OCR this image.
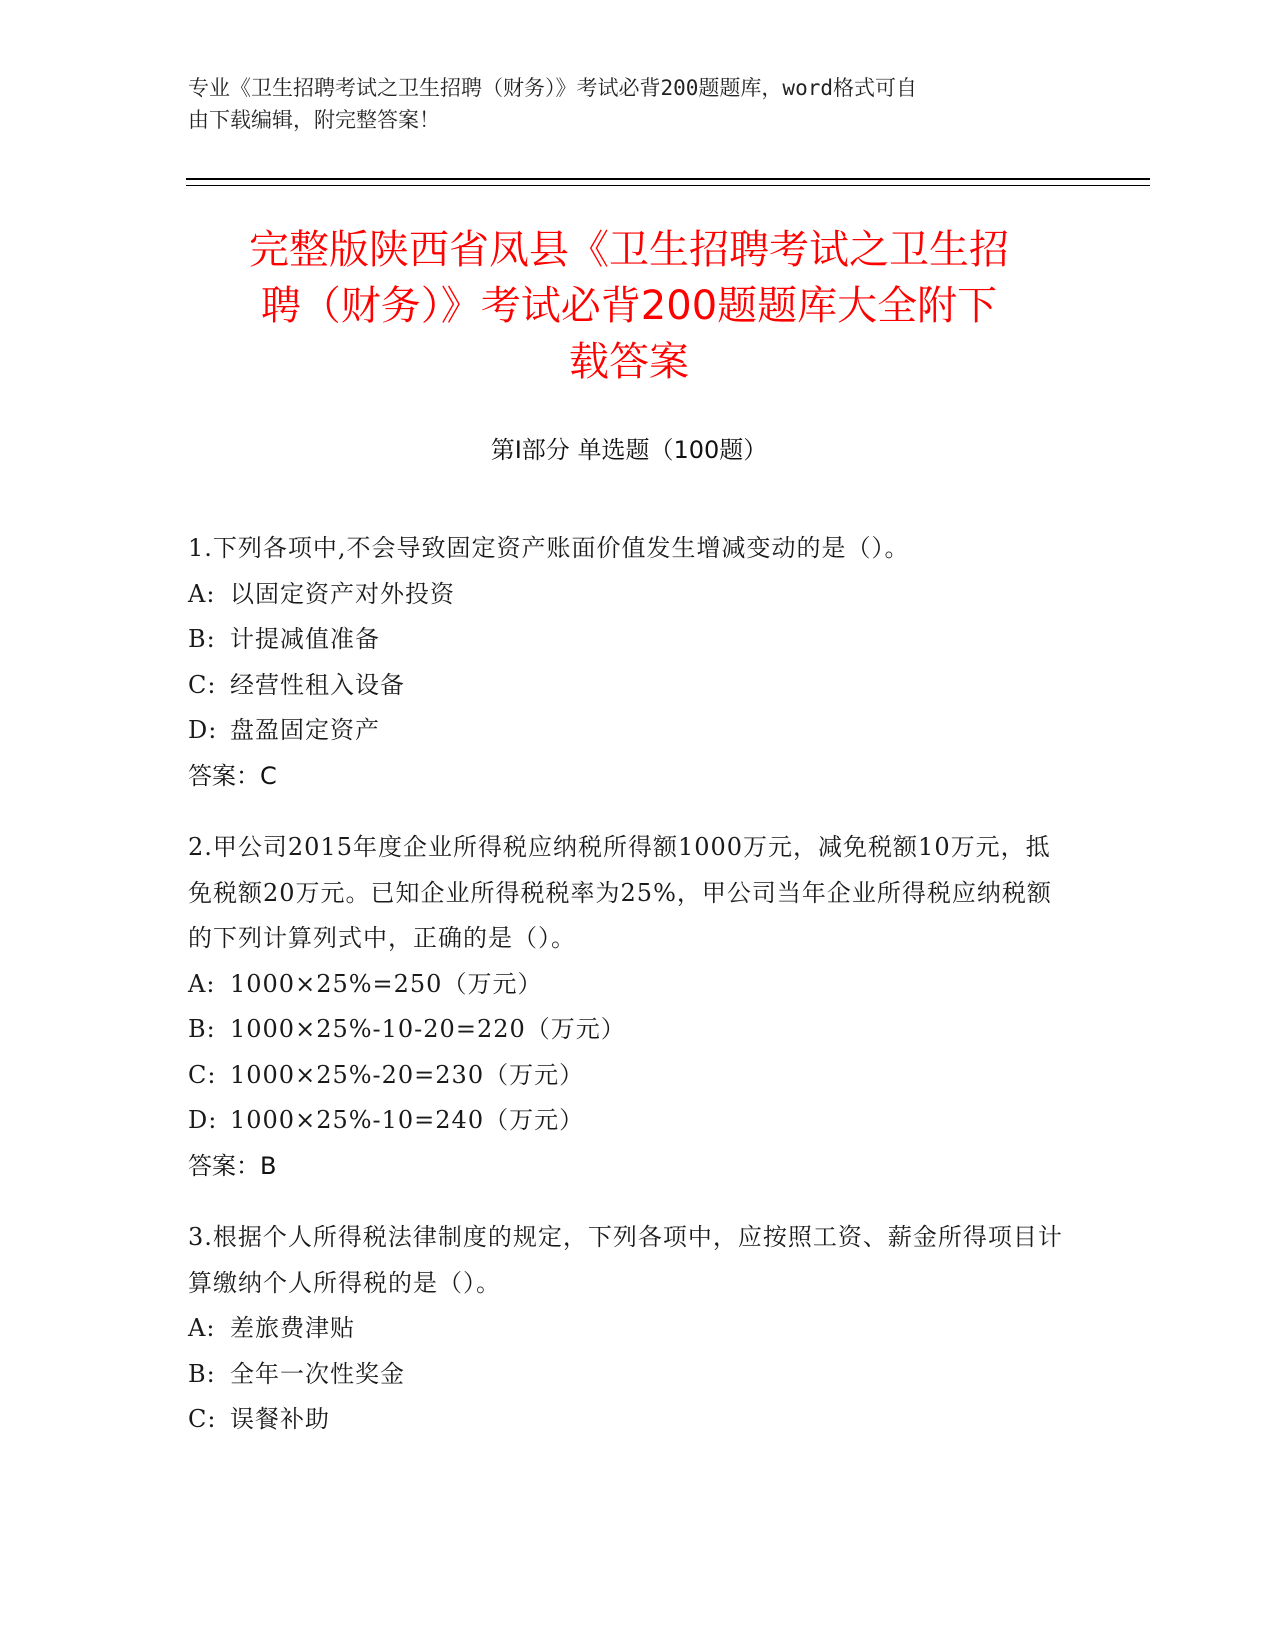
专业《卫生招聘考试之卫生招聘（财务）》考试必背200题题库，word格式可自
由下载编辑，附完整答案！
完整版陕西省凤县《卫生招聘考试之卫生招
聘（财务）》考试必背200题题库大全附下
载答案
第Ⅰ部分 单选题（100题）
1.下列各项中,不会导致固定资产账面价值发生增减变动的是（）。
A: 以固定资产对外投资
B: 计提减值准备
C: 经营性租入设备
D: 盘盈固定资产
答案：C
2.甲公司2015年度企业所得税应纳税所得额1000万元，减免税额10万元，抵免税额20万元。已知企业所得税税率为25%，甲公司当年企业所得税应纳税额的下列计算列式中，正确的是（）。
A: 1000×25%=250（万元）
B: 1000×25%-10-20=220（万元）
C: 1000×25%-20=230（万元）
D: 1000×25%-10=240（万元）
答案：B
3.根据个人所得税法律制度的规定，下列各项中，应按照工资、薪金所得项目计算缴纳个人所得税的是（）。
A: 差旅费津贴
B: 全年一次性奖金
C: 误餐补助
